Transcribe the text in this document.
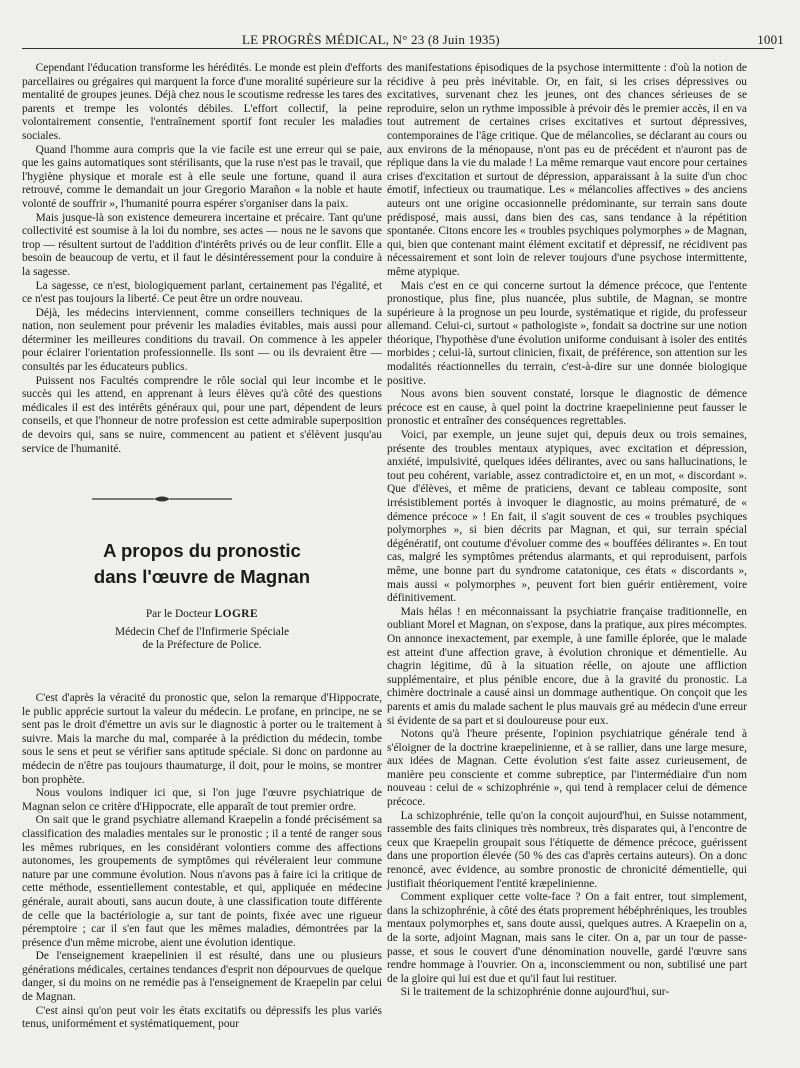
LE PROGRÈS MÉDICAL, N° 23 (8 Juin 1935)	1001

Cependant l'éducation transforme les hérédités. Le monde est plein d'efforts parcellaires ou grégaires qui marquent la force d'une moralité supérieure sur la mentalité de groupes jeunes. Déjà chez nous le scoutisme redresse les tares des parents et trempe les volontés débiles. L'effort collectif, la peine volontairement consentie, l'entraînement sportif font reculer les maladies sociales.

Quand l'homme aura compris que la vie facile est une erreur qui se paie, que les gains automatiques sont stérilisants, que la ruse n'est pas le travail, que l'hygiène physique et morale est à elle seule une fortune, quand il aura retrouvé, comme le demandait un jour Gregorio Marañon « la noble et haute volonté de souffrir », l'humanité pourra espérer s'organiser dans la paix.

Mais jusque-là son existence demeurera incertaine et précaire. Tant qu'une collectivité est soumise à la loi du nombre, ses actes — nous ne le savons que trop — résultent surtout de l'addition d'intérêts privés ou de leur conflit. Elle a besoin de beaucoup de vertu, et il faut le désintéressement pour la conduire à la sagesse.

La sagesse, ce n'est, biologiquement parlant, certainement pas l'égalité, et ce n'est pas toujours la liberté. Ce peut être un ordre nouveau.

Déjà, les médecins interviennent, comme conseillers techniques de la nation, non seulement pour prévenir les maladies évitables, mais aussi pour déterminer les meilleures conditions du travail. On commence à les appeler pour éclairer l'orientation professionnelle. Ils sont — ou ils devraient être — consultés par les éducateurs publics.

Puissent nos Facultés comprendre le rôle social qui leur incombe et le succès qui les attend, en apprenant à leurs élèves qu'à côté des questions médicales il est des intérêts généraux qui, pour une part, dépendent de leurs conseils, et que l'honneur de notre profession est cette admirable superposition de devoirs qui, sans se nuire, commencent au patient et s'élèvent jusqu'au service de l'humanité.

A propos du pronostic
dans l'œuvre de Magnan
Par le Docteur LOGRE
Médecin Chef de l'Infirmerie Spéciale
de la Préfecture de Police.

C'est d'après la véracité du pronostic que, selon la remarque d'Hippocrate, le public apprécie surtout la valeur du médecin. Le profane, en principe, ne se sent pas le droit d'émettre un avis sur le diagnostic à porter ou le traitement à suivre. Mais la marche du mal, comparée à la prédiction du médecin, tombe sous le sens et peut se vérifier sans aptitude spéciale. Si donc on pardonne au médecin de n'être pas toujours thaumaturge, il doit, pour le moins, se montrer bon prophète.

Nous voulons indiquer ici que, si l'on juge l'œuvre psychiatrique de Magnan selon ce critère d'Hippocrate, elle apparaît de tout premier ordre.

On sait que le grand psychiatre allemand Kraepelin a fondé précisément sa classification des maladies mentales sur le pronostic ; il a tenté de ranger sous les mêmes rubriques, en les considérant volontiers comme des affections autonomes, les groupements de symptômes qui révéleraient leur commune nature par une commune évolution. Nous n'avons pas à faire ici la critique de cette méthode, essentiellement contestable, et qui, appliquée en médecine générale, aurait abouti, sans aucun doute, à une classification toute différente de celle que la bactériologie a, sur tant de points, fixée avec une rigueur péremptoire ; car il s'en faut que les mêmes maladies, démontrées par la présence d'un même microbe, aient une évolution identique.

De l'enseignement kraepelinien il est résulté, dans une ou plusieurs générations médicales, certaines tendances d'esprit non dépourvues de quelque danger, si du moins on ne remédie pas à l'enseignement de Kraepelin par celui de Magnan.

C'est ainsi qu'on peut voir les états excitatifs ou dépressifs les plus variés tenus, uniformément et systématiquement, pour

des manifestations épisodiques de la psychose intermittente : d'où la notion de récidive à peu près inévitable. Or, en fait, si les crises dépressives ou excitatives, survenant chez les jeunes, ont des chances sérieuses de se reproduire, selon un rythme impossible à prévoir dès le premier accès, il en va tout autrement de certaines crises excitatives et surtout dépressives, contemporaines de l'âge critique. Que de mélancolies, se déclarant au cours ou aux environs de la ménopause, n'ont pas eu de précédent et n'auront pas de réplique dans la vie du malade ! La même remarque vaut encore pour certaines crises d'excitation et surtout de dépression, apparaissant à la suite d'un choc émotif, infectieux ou traumatique. Les « mélancolies affectives » des anciens auteurs ont une origine occasionnelle prédominante, sur terrain sans doute prédisposé, mais aussi, dans bien des cas, sans tendance à la répétition spontanée. Citons encore les « troubles psychiques polymorphes » de Magnan, qui, bien que contenant maint élément excitatif et dépressif, ne récidivent pas nécessairement et sont loin de relever toujours d'une psychose intermittente, même atypique.

Mais c'est en ce qui concerne surtout la démence précoce, que l'entente pronostique, plus fine, plus nuancée, plus subtile, de Magnan, se montre supérieure à la prognose un peu lourde, systématique et rigide, du professeur allemand. Celui-ci, surtout « pathologiste », fondait sa doctrine sur une notion théorique, l'hypothèse d'une évolution uniforme conduisant à isoler des entités morbides ; celui-là, surtout clinicien, fixait, de préférence, son attention sur les modalités réactionnelles du terrain, c'est-à-dire sur une donnée biologique positive.

Nous avons bien souvent constaté, lorsque le diagnostic de démence précoce est en cause, à quel point la doctrine kraepelinienne peut fausser le pronostic et entraîner des conséquences regrettables.

Voici, par exemple, un jeune sujet qui, depuis deux ou trois semaines, présente des troubles mentaux atypiques, avec excitation et dépression, anxiété, impulsivité, quelques idées délirantes, avec ou sans hallucinations, le tout peu cohérent, variable, assez contradictoire et, en un mot, « discordant ». Que d'élèves, et même de praticiens, devant ce tableau composite, sont irrésistiblement portés à invoquer le diagnostic, au moins prématuré, de « démence précoce » ! En fait, il s'agit souvent de ces « troubles psychiques polymorphes », si bien décrits par Magnan, et qui, sur terrain spécial dégénératif, ont coutume d'évoluer comme des « bouffées délirantes ». En tout cas, malgré les symptômes prétendus alarmants, et qui reproduisent, parfois même, une bonne part du syndrome catatonique, ces états « discordants », mais aussi « polymorphes », peuvent fort bien guérir entièrement, voire définitivement.

Mais hélas ! en méconnaissant la psychiatrie française traditionnelle, en oubliant Morel et Magnan, on s'expose, dans la pratique, aux pires mécomptes. On annonce inexactement, par exemple, à une famille éplorée, que le malade est atteint d'une affection grave, à évolution chronique et démentielle. Au chagrin légitime, dû à la situation réelle, on ajoute une affliction supplémentaire, et plus pénible encore, due à la gravité du pronostic. La chimère doctrinale a causé ainsi un dommage authentique. On conçoit que les parents et amis du malade sachent le plus mauvais gré au médecin d'une erreur si évidente de sa part et si douloureuse pour eux.

Notons qu'à l'heure présente, l'opinion psychiatrique générale tend à s'éloigner de la doctrine kraepelinienne, et à se rallier, dans une large mesure, aux idées de Magnan. Cette évolution s'est faite assez curieusement, de manière peu consciente et comme subreptice, par l'intermédiaire d'un nom nouveau : celui de « schizophrénie », qui tend à remplacer celui de démence précoce.

La schizophrénie, telle qu'on la conçoit aujourd'hui, en Suisse notamment, rassemble des faits cliniques très nombreux, très disparates qui, à l'encontre de ceux que Kraepelin groupait sous l'étiquette de démence précoce, guérissent dans une proportion élevée (50 % des cas d'après certains auteurs). On a donc renoncé, avec évidence, au sombre pronostic de chronicité démentielle, qui justifiait théoriquement l'entité kræpelinienne.

Comment expliquer cette volte-face ? On a fait entrer, tout simplement, dans la schizophrénie, à côté des états proprement hébéphréniques, les troubles mentaux polymorphes et, sans doute aussi, quelques autres. A Kraepelin on a, de la sorte, adjoint Magnan, mais sans le citer. On a, par un tour de passe-passe, et sous le couvert d'une dénomination nouvelle, gardé l'œuvre sans rendre hommage à l'ouvrier. On a, inconsciemment ou non, subtilisé une part de la gloire qui lui est due et qu'il faut lui restituer.

Si le traitement de la schizophrénie donne aujourd'hui, sur-
